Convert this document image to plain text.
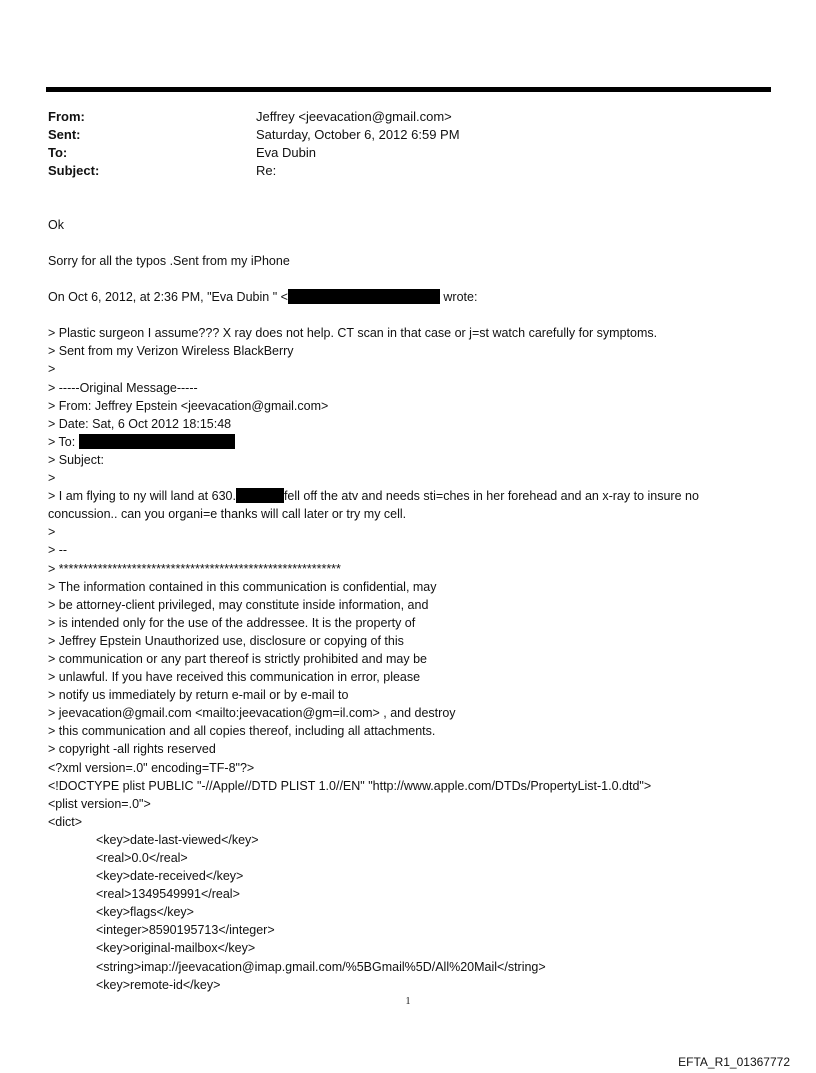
From:	Jeffrey <jeevacation@gmail.com>
Sent:	Saturday, October 6, 2012 6:59 PM
To:	Eva Dubin
Subject:	Re:
Ok
Sorry for all the typos .Sent from my iPhone
On Oct 6, 2012, at 2:36 PM, "Eva Dubin " <	wrote:
> Plastic surgeon I assume??? X ray does not help. CT scan in that case or j=st watch carefully for symptoms.
> Sent from my Verizon Wireless BlackBerry
>
> -----Original Message-----
> From: Jeffrey Epstein <jeevacation@gmail.com>
> Date: Sat, 6 Oct 2012 18:15:48
> To:
> Subject:
>
> I am flying to ny will land at 630.	fell off the atv and needs sti=ches in her forehead and an x-ray to insure no
concussion.. can you organi=e thanks will call later or try my cell.
>
> --
> **********************************************************
> The information contained in this communication is confidential, may
> be attorney-client privileged, may constitute inside information, and
> is intended only for the use of the addressee. It is the property of
> Jeffrey Epstein Unauthorized use, disclosure or copying of this
> communication or any part thereof is strictly prohibited and may be
> unlawful. If you have received this communication in error, please
> notify us immediately by return e-mail or by e-mail to
> jeevacation@gmail.com <mailto:jeevacation@gm=il.com> , and destroy
> this communication and all copies thereof, including all attachments.
> copyright -all rights reserved
<?xml version=.0" encoding=TF-8"?>
<!DOCTYPE plist PUBLIC "-//Apple//DTD PLIST 1.0//EN" "http://www.apple.com/DTDs/PropertyList-1.0.dtd">
<plist version=.0">
<dict>
<key>date-last-viewed</key>
<real>0.0</real>
<key>date-received</key>
<real>1349549991</real>
<key>flags</key>
<integer>8590195713</integer>
<key>original-mailbox</key>
<string>imap://jeevacation@imap.gmail.com/%5BGmail%5D/All%20Mail</string>
<key>remote-id</key>
1
EFTA_R1_01367772
